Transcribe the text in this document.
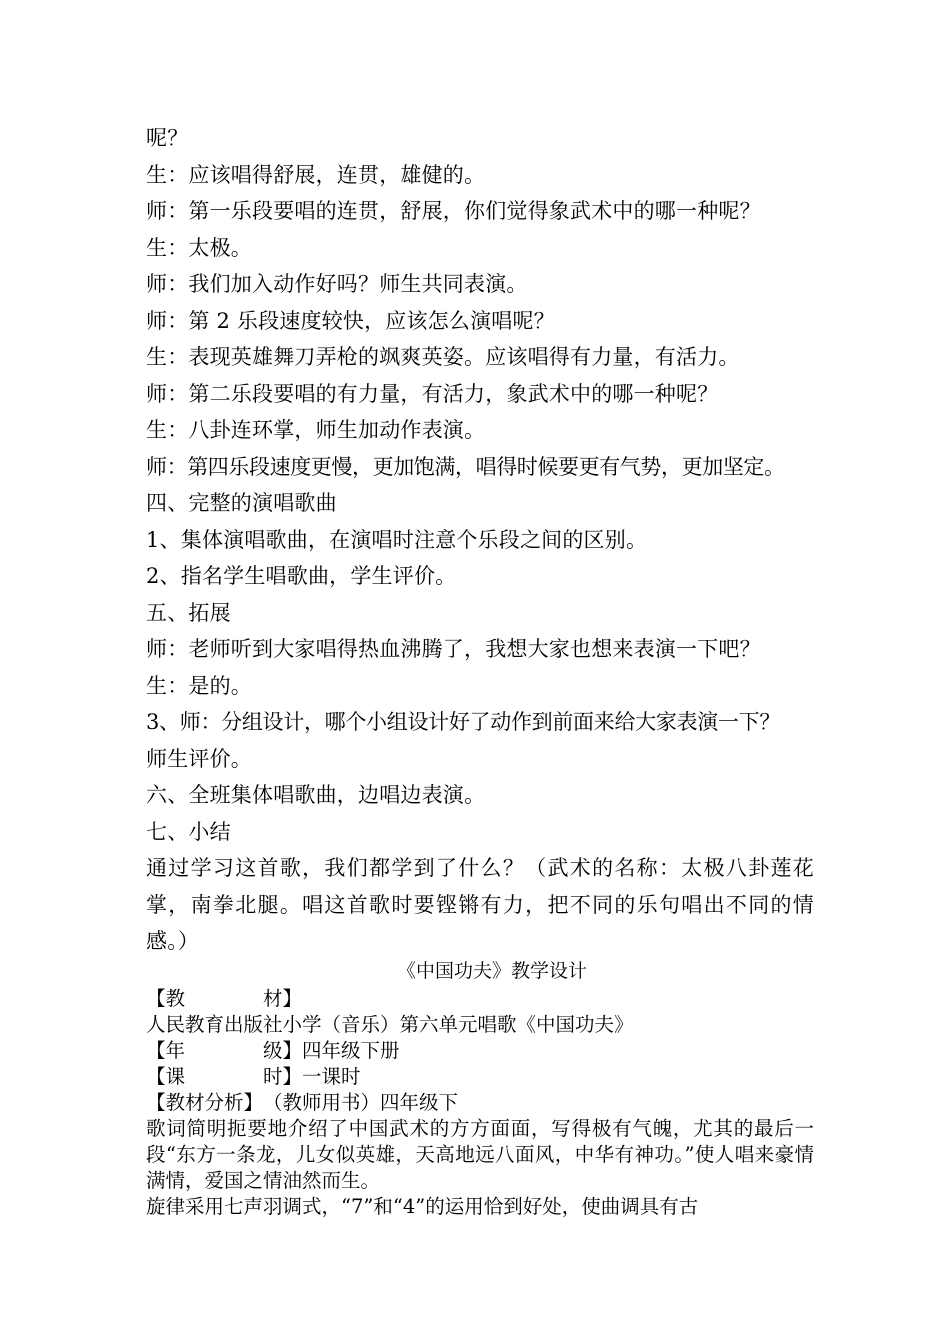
呢？

生：应该唱得舒展，连贯，雄健的。

师：第一乐段要唱的连贯，舒展，你们觉得象武术中的哪一种呢？

生：太极。

师：我们加入动作好吗？师生共同表演。

师：第 2 乐段速度较快，应该怎么演唱呢？

生：表现英雄舞刀弄枪的飒爽英姿。应该唱得有力量，有活力。

师：第二乐段要唱的有力量，有活力，象武术中的哪一种呢？

生：八卦连环掌，师生加动作表演。

师：第四乐段速度更慢，更加饱满，唱得时候要更有气势，更加坚定。

四、完整的演唱歌曲

1、集体演唱歌曲，在演唱时注意个乐段之间的区别。

2、指名学生唱歌曲，学生评价。

五、拓展

师：老师听到大家唱得热血沸腾了，我想大家也想来表演一下吧？

生：是的。

3、师：分组设计，哪个小组设计好了动作到前面来给大家表演一下？

师生评价。

六、全班集体唱歌曲，边唱边表演。

七、小结

通过学习这首歌，我们都学到了什么？（武术的名称：太极八卦莲花掌，南拳北腿。唱这首歌时要铿锵有力，把不同的乐句唱出不同的情感。）

《中国功夫》教学设计

【教　　　　材】

人民教育出版社小学（音乐）第六单元唱歌《中国功夫》

【年　　　　级】四年级下册

【课　　　　时】一课时

【教材分析】（教师用书）四年级下

歌词简明扼要地介绍了中国武术的方方面面，写得极有气魄，尤其的最后一段“东方一条龙，儿女似英雄，天高地远八面风，中华有神功。”使人唱来豪情满情，爱国之情油然而生。

旋律采用七声羽调式，“7”和“4”的运用恰到好处，使曲调具有古
